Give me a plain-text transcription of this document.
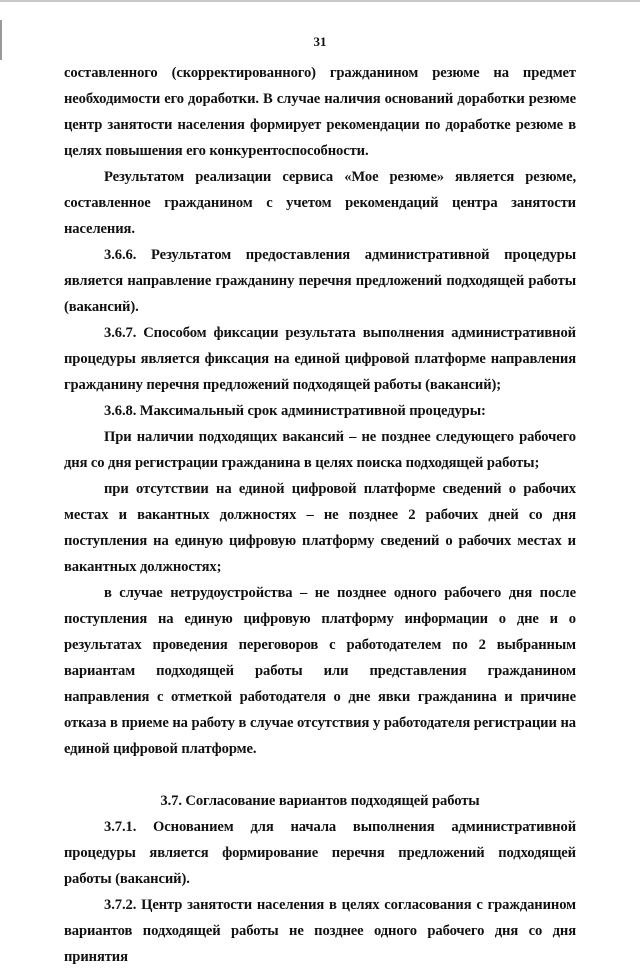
31

составленного (скорректированного) гражданином резюме на предмет необходимости его доработки. В случае наличия оснований доработки резюме центр занятости населения формирует рекомендации по доработке резюме в целях повышения его конкурентоспособности.

Результатом реализации сервиса «Мое резюме» является резюме, составленное гражданином с учетом рекомендаций центра занятости населения.

3.6.6. Результатом предоставления административной процедуры является направление гражданину перечня предложений подходящей работы (вакансий).

3.6.7. Способом фиксации результата выполнения административной процедуры является фиксация на единой цифровой платформе направления гражданину перечня предложений подходящей работы (вакансий);

3.6.8. Максимальный срок административной процедуры:

При наличии подходящих вакансий – не позднее следующего рабочего дня со дня регистрации гражданина в целях поиска подходящей работы;

при отсутствии на единой цифровой платформе сведений о рабочих местах и вакантных должностях – не позднее 2 рабочих дней со дня поступления на единую цифровую платформу сведений о рабочих местах и вакантных должностях;

в случае нетрудоустройства – не позднее одного рабочего дня после поступления на единую цифровую платформу информации о дне и о результатах проведения переговоров с работодателем по 2 выбранным вариантам подходящей работы или представления гражданином направления с отметкой работодателя о дне явки гражданина и причине отказа в приеме на работу в случае отсутствия у работодателя регистрации на единой цифровой платформе.

3.7. Согласование вариантов подходящей работы

3.7.1. Основанием для начала выполнения административной процедуры является формирование перечня предложений подходящей работы (вакансий).

3.7.2. Центр занятости населения в целях согласования с гражданином вариантов подходящей работы не позднее одного рабочего дня со дня принятия
